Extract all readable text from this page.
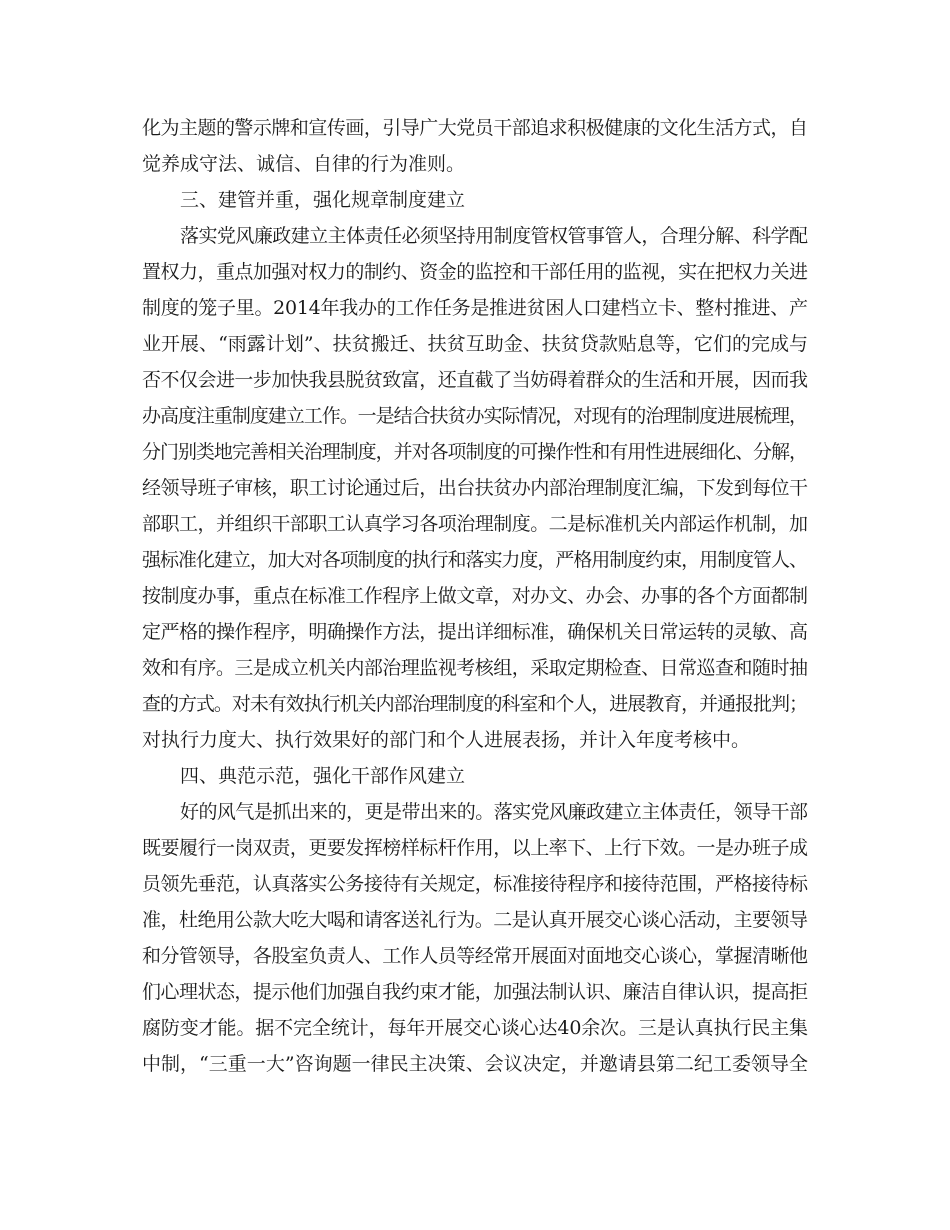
化为主题的警示牌和宣传画，引导广大党员干部追求积极健康的文化生活方式，自
觉养成守法、诚信、自律的行为准则。
三、建管并重，强化规章制度建立
落实党风廉政建立主体责任必须坚持用制度管权管事管人，合理分解、科学配
置权力，重点加强对权力的制约、资金的监控和干部任用的监视，实在把权力关进
制度的笼子里。2014年我办的工作任务是推进贫困人口建档立卡、整村推进、产
业开展、“雨露计划”、扶贫搬迁、扶贫互助金、扶贫贷款贴息等，它们的完成与
否不仅会进一步加快我县脱贫致富，还直截了当妨碍着群众的生活和开展，因而我
办高度注重制度建立工作。一是结合扶贫办实际情况，对现有的治理制度进展梳理，
分门别类地完善相关治理制度，并对各项制度的可操作性和有用性进展细化、分解，
经领导班子审核，职工讨论通过后，出台扶贫办内部治理制度汇编，下发到每位干
部职工，并组织干部职工认真学习各项治理制度。二是标准机关内部运作机制，加
强标准化建立，加大对各项制度的执行和落实力度，严格用制度约束，用制度管人、
按制度办事，重点在标准工作程序上做文章，对办文、办会、办事的各个方面都制
定严格的操作程序，明确操作方法，提出详细标准，确保机关日常运转的灵敏、高
效和有序。三是成立机关内部治理监视考核组，采取定期检查、日常巡查和随时抽
查的方式。对未有效执行机关内部治理制度的科室和个人，进展教育，并通报批判；
对执行力度大、执行效果好的部门和个人进展表扬，并计入年度考核中。
四、典范示范，强化干部作风建立
好的风气是抓出来的，更是带出来的。落实党风廉政建立主体责任，领导干部
既要履行一岗双责，更要发挥榜样标杆作用，以上率下、上行下效。一是办班子成
员领先垂范，认真落实公务接待有关规定，标准接待程序和接待范围，严格接待标
准，杜绝用公款大吃大喝和请客送礼行为。二是认真开展交心谈心活动，主要领导
和分管领导，各股室负责人、工作人员等经常开展面对面地交心谈心，掌握清晰他
们心理状态，提示他们加强自我约束才能，加强法制认识、廉洁自律认识，提高拒
腐防变才能。据不完全统计，每年开展交心谈心达40余次。三是认真执行民主集
中制，“三重一大”咨询题一律民主决策、会议决定，并邀请县第二纪工委领导全
